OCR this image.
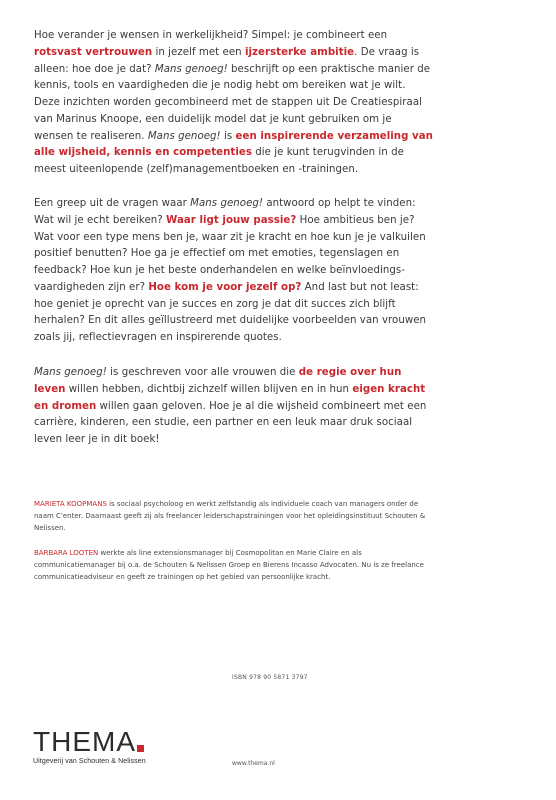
Hoe verander je wensen in werkelijkheid? Simpel: je combineert een rotsvast vertrouwen in jezelf met een ijzersterke ambitie. De vraag is alleen: hoe doe je dat? Mans genoeg! beschrijft op een praktische manier de kennis, tools en vaardigheden die je nodig hebt om bereiken wat je wilt. Deze inzichten worden gecombineerd met de stappen uit De Creatiespiraal van Marinus Knoope, een duidelijk model dat je kunt gebruiken om je wensen te realiseren. Mans genoeg! is een inspirerende verzameling van alle wijsheid, kennis en competenties die je kunt terugvinden in de meest uiteenlopende (zelf)managementboeken en -trainingen.
Een greep uit de vragen waar Mans genoeg! antwoord op helpt te vinden: Wat wil je echt bereiken? Waar ligt jouw passie? Hoe ambitieus ben je? Wat voor een type mens ben je, waar zit je kracht en hoe kun je je valkuilen positief benutten? Hoe ga je effectief om met emoties, tegenslagen en feedback? Hoe kun je het beste onderhandelen en welke beïnvloedings-vaardigheden zijn er? Hoe kom je voor jezelf op? And last but not least: hoe geniet je oprecht van je succes en zorg je dat dit succes zich blijft herhalen? En dit alles geïllustreerd met duidelijke voorbeelden van vrouwen zoals jij, reflectievragen en inspirerende quotes.
Mans genoeg! is geschreven voor alle vrouwen die de regie over hun leven willen hebben, dichtbij zichzelf willen blijven en in hun eigen kracht en dromen willen gaan geloven. Hoe je al die wijsheid combineert met een carrière, kinderen, een studie, een partner en een leuk maar druk sociaal leven leer je in dit boek!
MARIETA KOOPMANS is sociaal psycholoog en werkt zelfstandig als individuele coach van managers onder de naam C'enter. Daarnaast geeft zij als freelancer leiderschapstrainingen voor het opleidingsinstituut Schouten & Nelissen.
BARBARA LOOTEN werkte als line extensionsmanager bij Cosmopolitan en Marie Claire en als communicatiemanager bij o.a. de Schouten & Nelissen Groep en Bierens Incasso Advocaten. Nu is ze freelance communicatieadviseur en geeft ze trainingen op het gebied van persoonlijke kracht.
ISBN 978 90 5871 3797
THEMA
Uitgeverij van Schouten & Nelissen	www.thema.nl
